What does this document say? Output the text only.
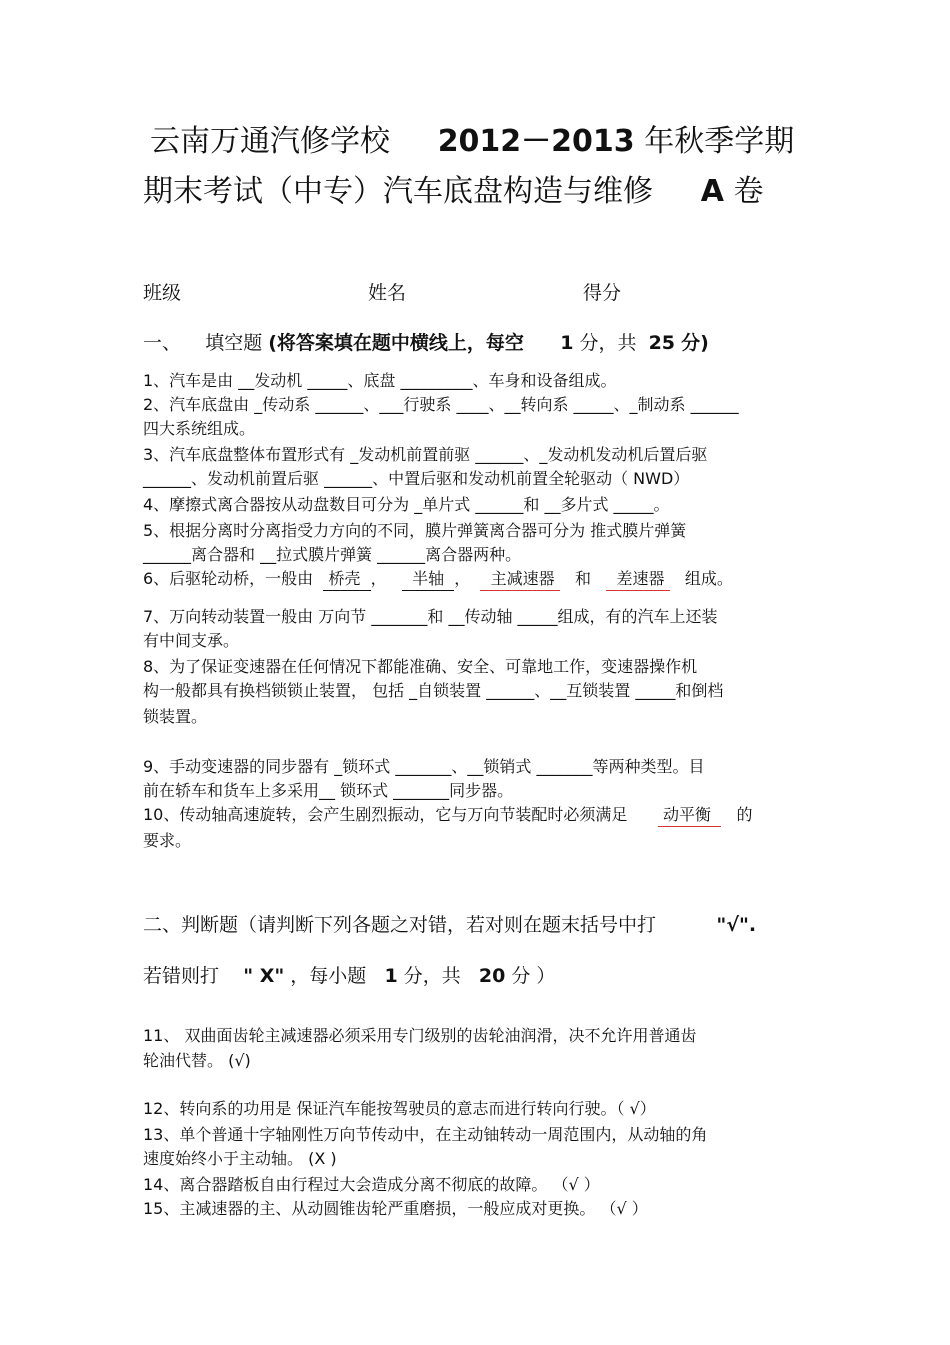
云南万通汽修学校 2012－2013 年秋季学期
期末考试（中专）汽车底盘构造与维修 A 卷
班级	姓名	得分
一、 填空题 (将答案填在题中横线上，每空 1 分，共 25 分)
1、汽车是由 __发动机 _____、底盘 _________、车身和设备组成。
2、汽车底盘由 _传动系 ______、___行驶系 ____、__转向系 _____、_制动系 ______
四大系统组成。
3、汽车底盘整体布置形式有 _发动机前置前驱 ______、_发动机发动机后置后驱
______、发动机前置后驱 ______、中置后驱和发动机前置全轮驱动（ NWD）
4、摩擦式离合器按从动盘数目可分为 _单片式 ______和 __多片式 _____。
5、根据分离时分离指受力方向的不同，膜片弹簧离合器可分为 推式膜片弹簧
______离合器和 __拉式膜片弹簧 ______离合器两种。
6、后驱轮动桥，一般由 桥壳 ，     半轴 ，    主减速器 和 差速器 组成。
7、万向转动装置一般由 万向节 _______和 __传动轴 _____组成，有的汽车上还装
有中间支承。
8、为了保证变速器在任何情况下都能准确、安全、可靠地工作，变速器操作机
构一般都具有换档锁锁止装置， 包括 _自锁装置 ______、__互锁装置 _____和倒档
锁装置。
9、手动变速器的同步器有 _锁环式 _______、__锁销式 _______等两种类型。目
前在轿车和货车上多采用__ 锁环式 _______同步器。
10、传动轴高速旋转，会产生剧烈振动，它与万向节装配时必须满足 动平衡 的
要求。
二、判断题（请判断下列各题之对错，若对则在题末括号中打	"√".
若错则打 " X" ，每小题 1 分，共 20 分 ）
11、 双曲面齿轮主减速器必须采用专门级别的齿轮油润滑，决不允许用普通齿
轮油代替。 (√)
12、转向系的功用是 保证汽车能按驾驶员的意志而进行转向行驶。（ √）
13、单个普通十字轴刚性万向节传动中，在主动铀转动一周范围内，从动轴的角
速度始终小于主动轴。 (X )
14、离合器踏板自由行程过大会造成分离不彻底的故障。 （√ ）
15、主减速器的主、从动圆锥齿轮严重磨损，一般应成对更换。 （√ ）
